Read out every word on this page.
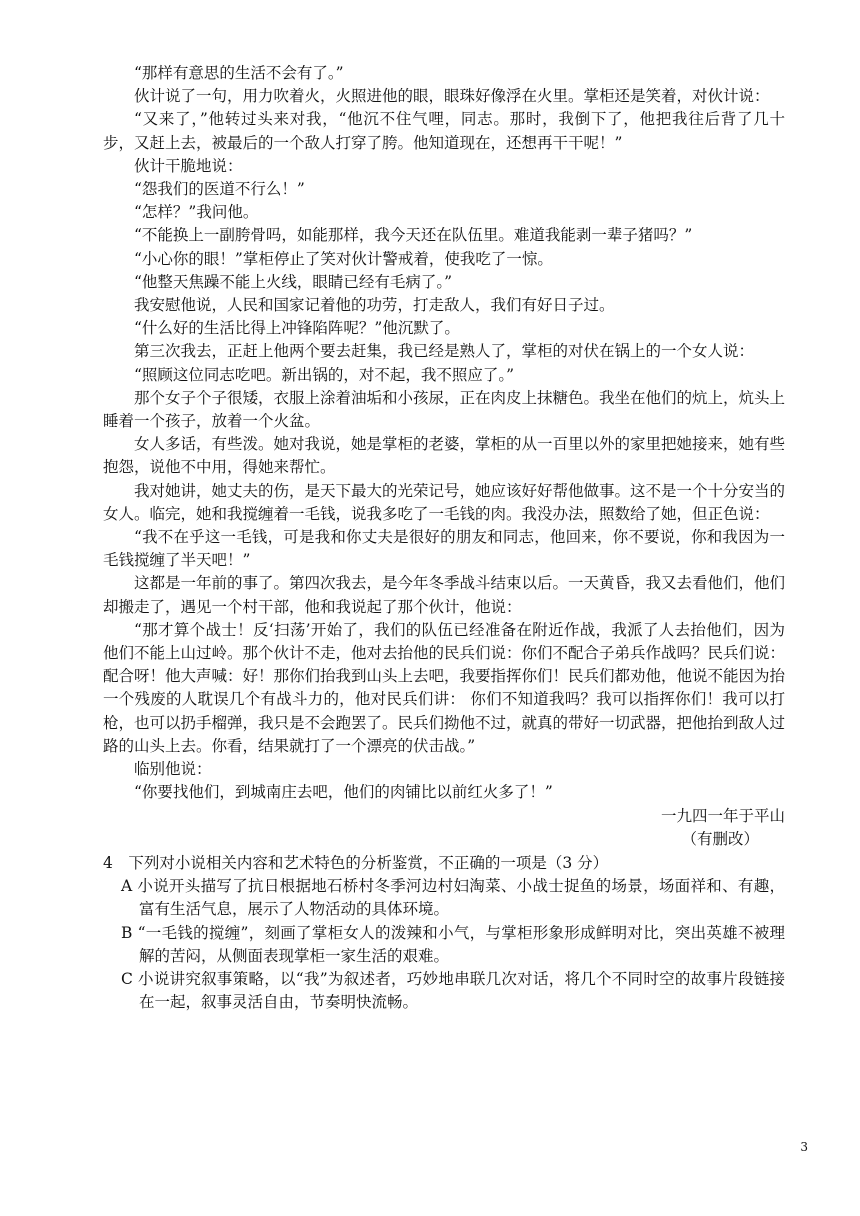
“那样有意思的生活不会有了。”

伙计说了一句，用力吹着火，火照进他的眼，眼珠好像浮在火里。掌柜还是笑着，对伙计说：

“又来了，”他转过头来对我，“他沉不住气哩，同志。那时，我倒下了，他把我往后背了几十步，又赶上去，被最后的一个敌人打穿了胯。他知道现在，还想再干干呢！”

伙计干脆地说：

“怨我们的医道不行么！”

“怎样？”我问他。

“不能换上一副胯骨吗，如能那样，我今天还在队伍里。难道我能剥一辈子猪吗？”

“小心你的眼！”掌柜停止了笑对伙计警戒着，使我吃了一惊。

“他整天焦躁不能上火线，眼睛已经有毛病了。”

我安慰他说，人民和国家记着他的功劳，打走敌人，我们有好日子过。

“什么好的生活比得上冲锋陷阵呢？”他沉默了。

第三次我去，正赶上他两个要去赶集，我已经是熟人了，掌柜的对伏在锅上的一个女人说：

“照顾这位同志吃吧。新出锅的，对不起，我不照应了。”

那个女子个子很矮，衣服上涂着油垢和小孩尿，正在肉皮上抹糖色。我坐在他们的炕上，炕头上睡着一个孩子，放着一个火盆。

女人多话，有些泼。她对我说，她是掌柜的老婆，掌柜的从一百里以外的家里把她接来，她有些抱怨，说他不中用，得她来帮忙。

我对她讲，她丈夫的伤，是天下最大的光荣记号，她应该好好帮他做事。这不是一个十分安当的女人。临完，她和我搅缠着一毛钱，说我多吃了一毛钱的肉。我没办法，照数给了她，但正色说：

“我不在乎这一毛钱，可是我和你丈夫是很好的朋友和同志，他回来，你不要说，你和我因为一毛钱搅缠了半天吧！”

这都是一年前的事了。第四次我去，是今年冬季战斗结束以后。一天黄昏，我又去看他们，他们却搬走了，遇见一个村干部，他和我说起了那个伙计，他说：

“那才算个战士！反‘扫荡’开始了，我们的队伍已经准备在附近作战，我派了人去抬他们，因为他们不能上山过岭。那个伙计不走，他对去抬他的民兵们说：你们不配合子弟兵作战吗？民兵们说：配合呀！他大声喊：好！那你们抬我到山头上去吧，我要指挥你们！民兵们都劝他，他说不能因为抬一个残废的人耽误几个有战斗力的，他对民兵们讲： 你们不知道我吗？我可以指挥你们！我可以打枪，也可以扔手榴弹，我只是不会跑罢了。民兵们拗他不过，就真的带好一切武器，把他抬到敌人过路的山头上去。你看，结果就打了一个漂亮的伏击战。”

临别他说：

“你要找他们，到城南庄去吧，他们的肉铺比以前红火多了！”

一九四一年于平山

（有删改）

4　下列对小说相关内容和艺术特色的分析鉴赏，不正确的一项是（3 分）

A 小说开头描写了抗日根据地石桥村冬季河边村妇淘菜、小战士捉鱼的场景，场面祥和、有趣，富有生活气息，展示了人物活动的具体环境。

B “一毛钱的搅缠”，刻画了掌柜女人的泼辣和小气，与掌柜形象形成鲜明对比，突出英雄不被理解的苦闷，从侧面表现掌柜一家生活的艰难。

C 小说讲究叙事策略，以“我”为叙述者，巧妙地串联几次对话，将几个不同时空的故事片段链接在一起，叙事灵活自由，节奏明快流畅。

3
